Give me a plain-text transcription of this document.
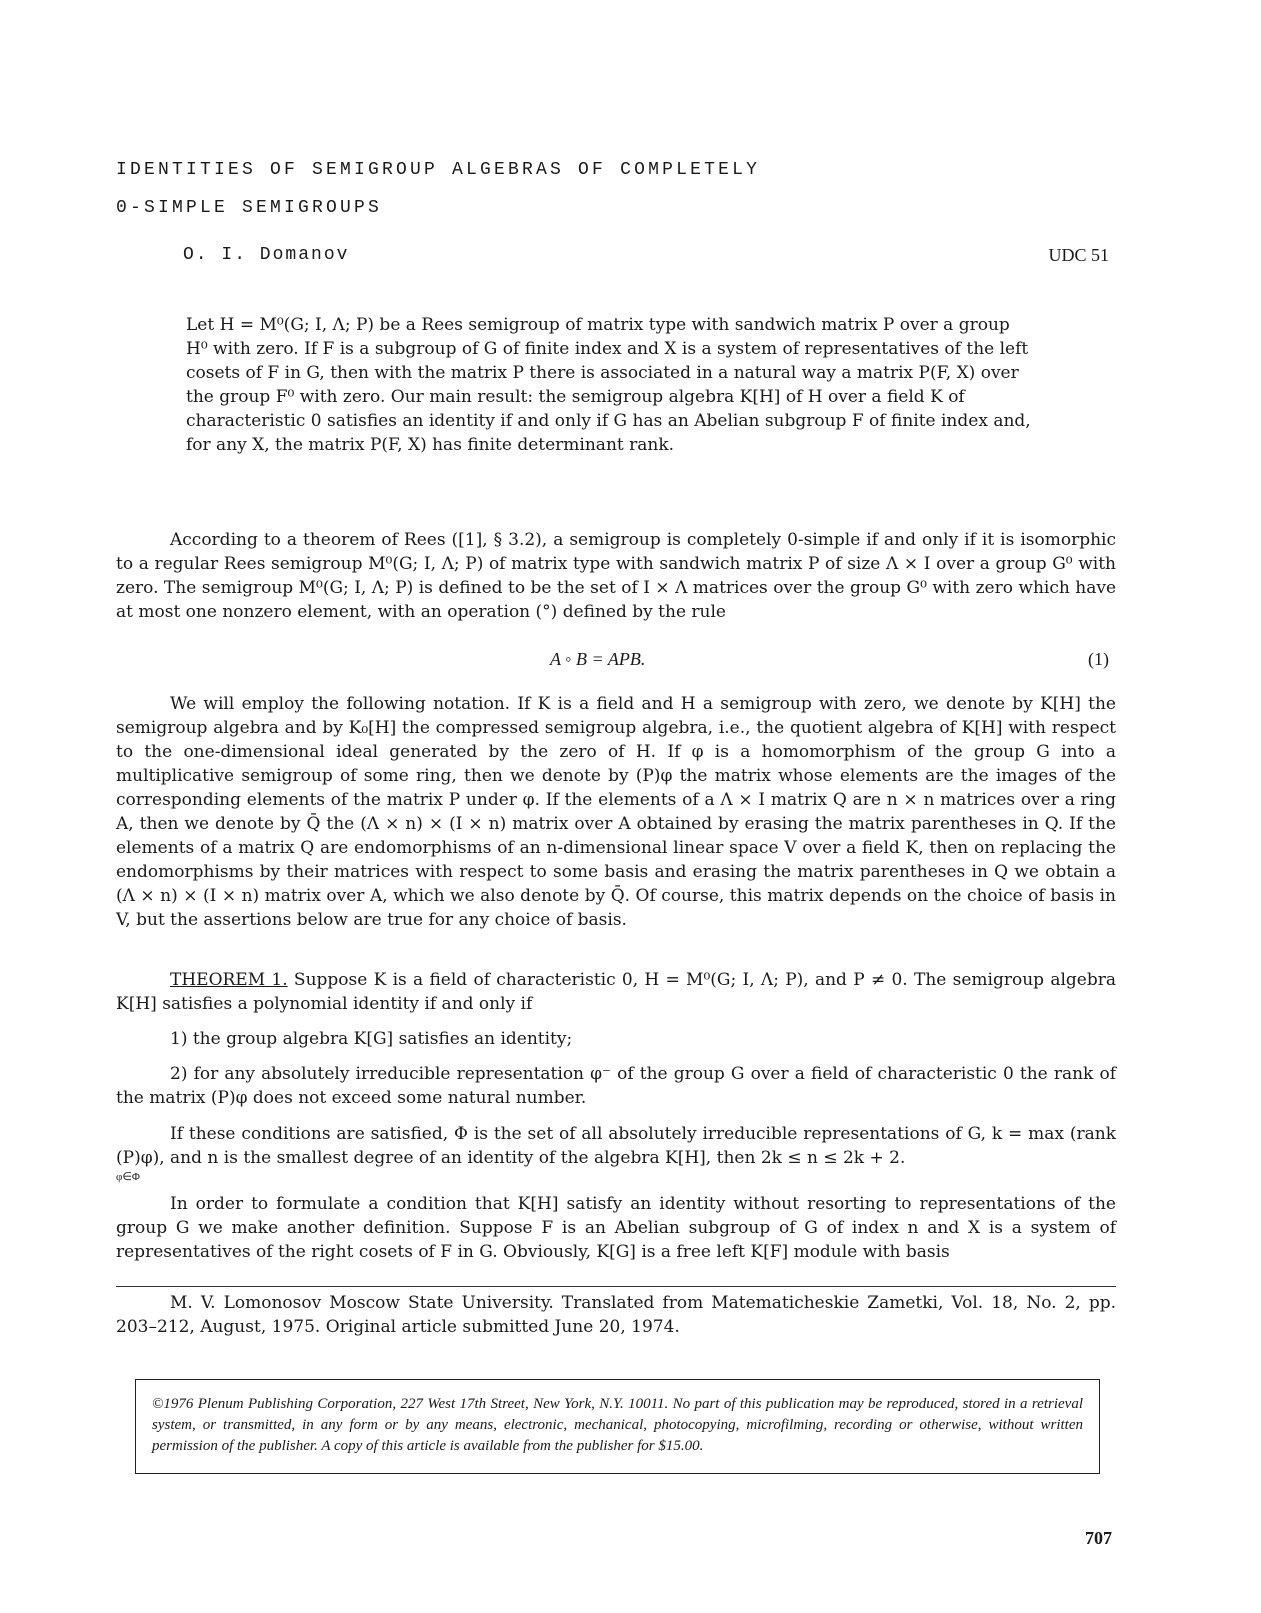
IDENTITIES OF SEMIGROUP ALGEBRAS OF COMPLETELY
0-SIMPLE SEMIGROUPS
O. I. Domanov	UDC 51
Let H = M⁰(G; I, Λ; P) be a Rees semigroup of matrix type with sandwich matrix P over a group H⁰ with zero. If F is a subgroup of G of finite index and X is a system of representatives of the left cosets of F in G, then with the matrix P there is associated in a natural way a matrix P(F, X) over the group F⁰ with zero. Our main result: the semigroup algebra K[H] of H over a field K of characteristic 0 satisfies an identity if and only if G has an Abelian subgroup F of finite index and, for any X, the matrix P(F, X) has finite determinant rank.

According to a theorem of Rees ([1], § 3.2), a semigroup is completely 0-simple if and only if it is isomorphic to a regular Rees semigroup M⁰(G; I, Λ; P) of matrix type with sandwich matrix P of size Λ × I over a group G⁰ with zero. The semigroup M⁰(G; I, Λ; P) is defined to be the set of I × Λ matrices over the group G⁰ with zero which have at most one nonzero element, with an operation (°) defined by the rule

A ◦ B = APB.	(1)

We will employ the following notation. If K is a field and H a semigroup with zero, we denote by K[H] the semigroup algebra and by K₀[H] the compressed semigroup algebra, i.e., the quotient algebra of K[H] with respect to the one-dimensional ideal generated by the zero of H. If φ is a homomorphism of the group G into a multiplicative semigroup of some ring, then we denote by (P)φ the matrix whose elements are the images of the corresponding elements of the matrix P under φ. If the elements of a Λ × I matrix Q are n × n matrices over a ring A, then we denote by Q̄ the (Λ × n) × (I × n) matrix over A obtained by erasing the matrix parentheses in Q. If the elements of a matrix Q are endomorphisms of an n-dimensional linear space V over a field K, then on replacing the endomorphisms by their matrices with respect to some basis and erasing the matrix parentheses in Q we obtain a (Λ × n) × (I × n) matrix over A, which we also denote by Q̄. Of course, this matrix depends on the choice of basis in V, but the assertions below are true for any choice of basis.

THEOREM 1. Suppose K is a field of characteristic 0, H = M⁰(G; I, Λ; P), and P ≠ 0. The semigroup algebra K[H] satisfies a polynomial identity if and only if

1) the group algebra K[G] satisfies an identity;

2) for any absolutely irreducible representation φ⁻ of the group G over a field of characteristic 0 the rank of the matrix (P)φ does not exceed some natural number.

If these conditions are satisfied, Φ is the set of all absolutely irreducible representations of G, k = max (rank (P)φ), and n is the smallest degree of an identity of the algebra K[H], then 2k ≤ n ≤ 2k + 2.

φ∈Φ

In order to formulate a condition that K[H] satisfy an identity without resorting to representations of the group G we make another definition. Suppose F is an Abelian subgroup of G of index n and X is a system of representatives of the right cosets of F in G. Obviously, K[G] is a free left K[F] module with basis

M. V. Lomonosov Moscow State University. Translated from Matematicheskie Zametki, Vol. 18, No. 2, pp. 203–212, August, 1975. Original article submitted June 20, 1974.

©1976 Plenum Publishing Corporation, 227 West 17th Street, New York, N.Y. 10011. No part of this publication may be reproduced, stored in a retrieval system, or transmitted, in any form or by any means, electronic, mechanical, photocopying, microfilming, recording or otherwise, without written permission of the publisher. A copy of this article is available from the publisher for $15.00.
707
